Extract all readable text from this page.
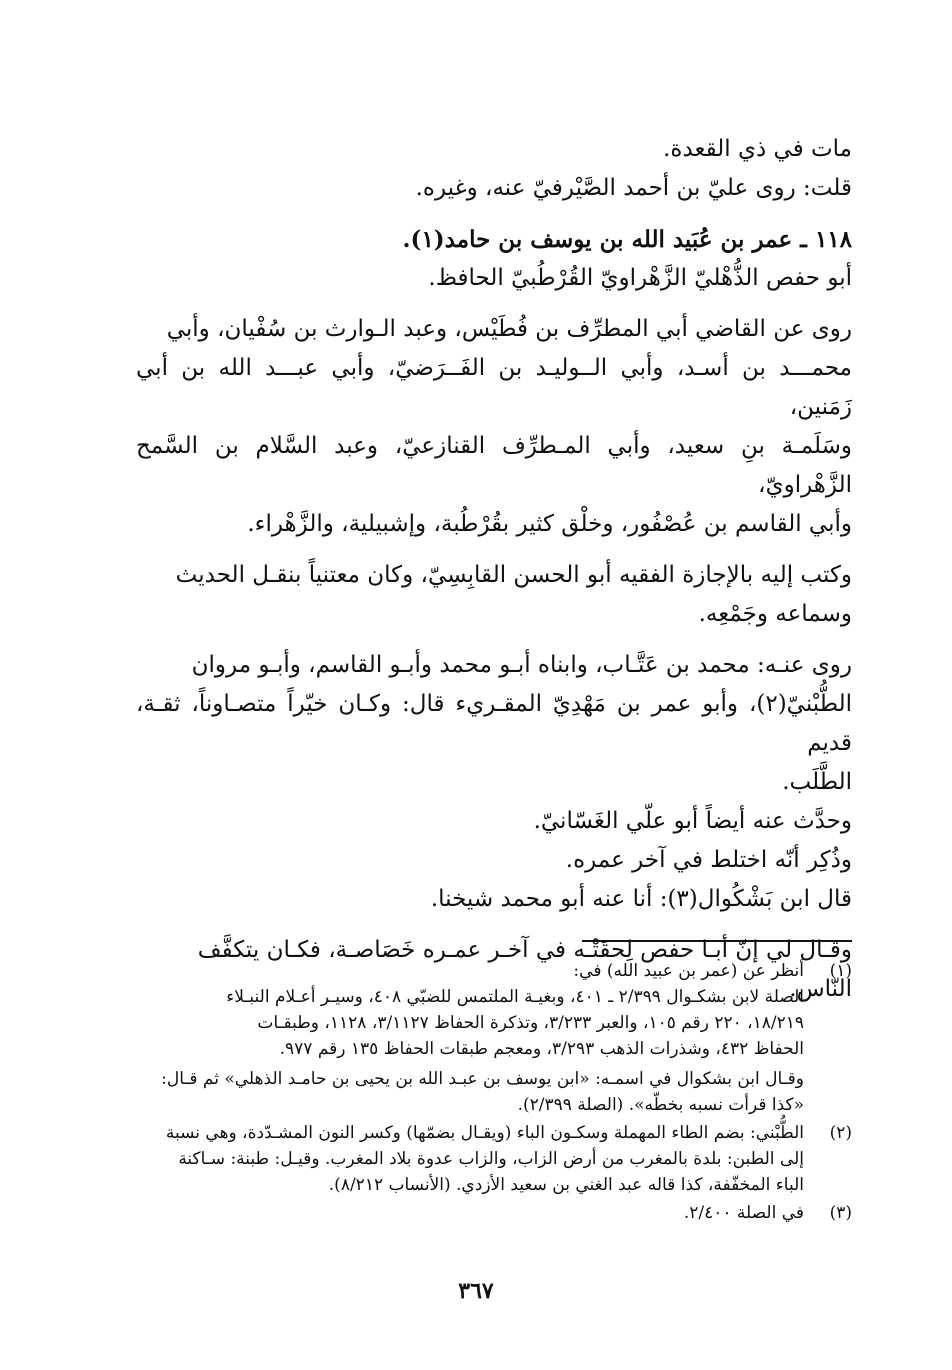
مات في ذي القعدة.
قلت: روى عليّ بن أحمد الصَّيْرفيّ عنه، وغيره.
١١٨ ـ عمر بن عُبَيد الله بن يوسف بن حامد(١).
أبو حفص الذُّهْليّ الزَّهْراويّ القُرْطُبيّ الحافظ.
روى عن القاضي أبي المطرِّف بن فُطَيْس، وعبد الـوارث بن سُفْيان، وأبي
محمـــد بن أسـد، وأبي الــوليـد بن الفَــرَضيّ، وأبي عبـــد الله بن أبي زَمَنين،
وسَلَمـة بنِ سعيد، وأبي المـطرِّف القنازعيّ، وعبد السَّلام بن السَّمح الزَّهْراويّ،
وأبي القاسم بن عُصْفُور، وخلْق كثير بقُرْطُبة، وإشبيلية، والزَّهْراء.
وكتب إليه بالإجازة الفقيه أبو الحسن القابِسِيّ، وكان معتنياً بنقـل الحديث
وسماعه وجَمْعِه.
روى عنـه: محمد بن عَتَّـاب، وابناه أبـو محمد وأبـو القاسم، وأبـو مروان
الطُّبْنيّ(٢)، وأبو عمر بن مَهْدِيّ المقـريء قال: وكـان خيّراً متصـاوناً، ثقـة، قديم
الطَّلَب.
وحدَّث عنه أيضاً أبو علّي الغَسّانيّ.
وذُكِر أنّه اختلط في آخر عمره.
قال ابن بَشْكُوال(٣): أنا عنه أبو محمد شيخنا.
وقـال لي إنّ أبـا حفص لِحقَتْـه في آخـر عمـره خَصَاصـة، فكـان يتكفَّف
النّاس.
(١)
أنظر عن (عمر بن عبيد الله) في:
الصلة لابن بشكـوال ٢/٣٩٩ ـ ٤٠١، وبغيـة الملتمس للضبّي ٤٠٨، وسيـر أعـلام النبـلاء
١٨/٢١٩، ٢٢٠ رقم ١٠٥، والعبر ٣/٢٣٣، وتذكرة الحفاظ ٣/١١٢٧، ١١٢٨، وطبقـات
الحفاظ ٤٣٢، وشذرات الذهب ٣/٢٩٣، ومعجم طبقات الحفاظ ١٣٥ رقم ٩٧٧.
وقـال ابن بشكوال في اسمـه: «ابن يوسف بن عبـد الله بن يحيى بن حامـد الذهلي» ثم قـال:
«كذا قرأت نسبه بخطّه». (الصلة ٢/٣٩٩).
(٢)
الطُّبْني: بضم الطاء المهملة وسكـون الباء (ويقـال بضمّها) وكسر النون المشـدّدة، وهي نسبة
إلى الطبن: بلدة بالمغرب من أرض الزاب، والزاب عدوة بلاد المغرب. وقيـل: طبنة: سـاكنة
الباء المخفّفة، كذا قاله عبد الغني بن سعيد الأزدي. (الأنساب ٨/٢١٢).
(٣)
في الصلة ٢/٤٠٠.
٣٦٧
